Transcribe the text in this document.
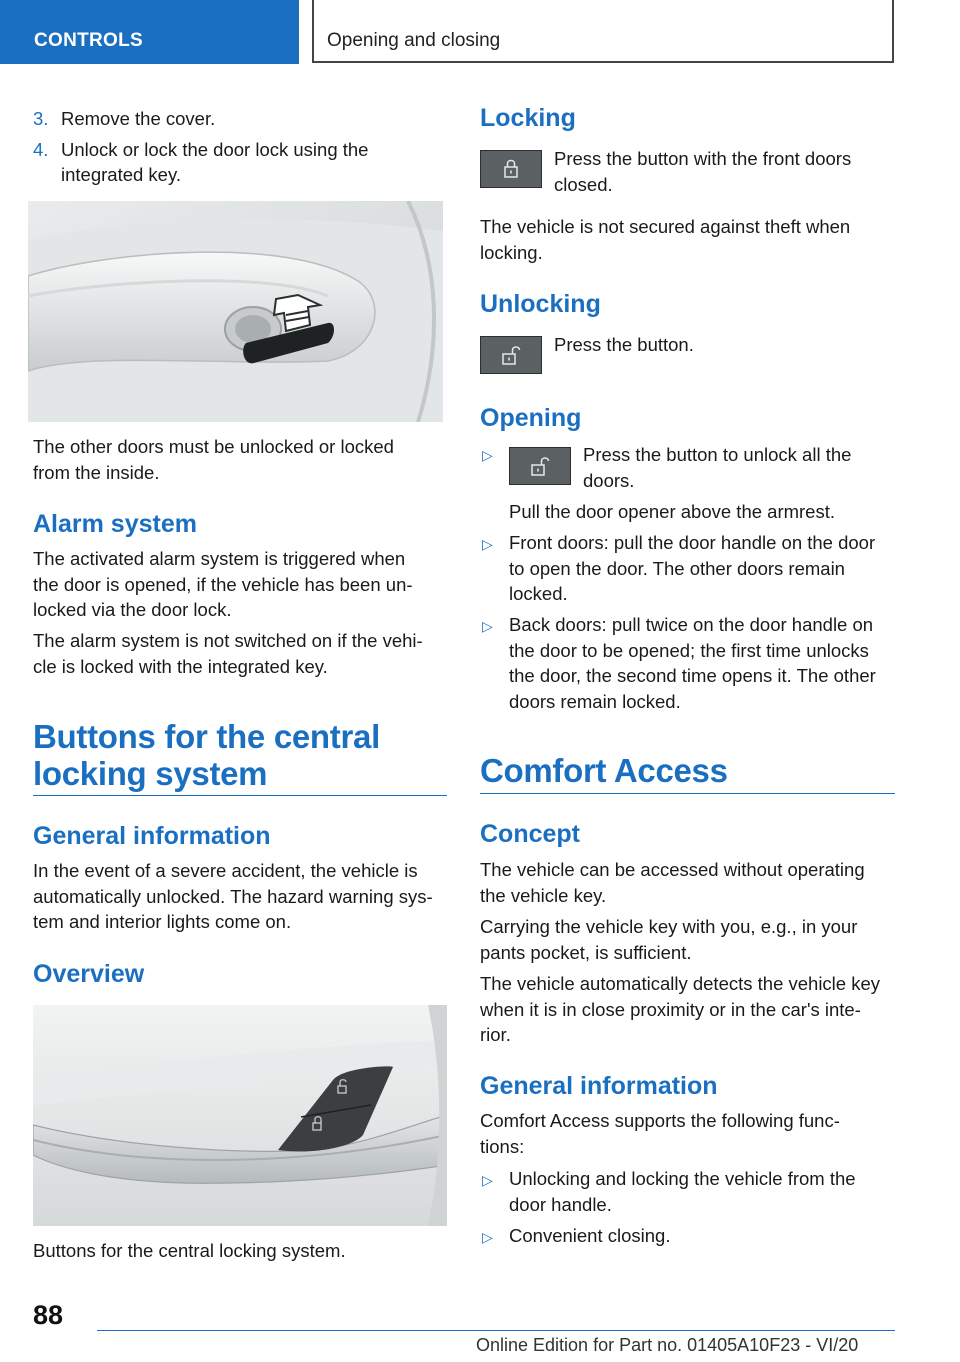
CONTROLS	Opening and closing
3. Remove the cover.
4. Unlock or lock the door lock using the
integrated key.

The other doors must be unlocked or locked
from the inside.

Alarm system

The activated alarm system is triggered when
the door is opened, if the vehicle has been un‐
locked via the door lock.

The alarm system is not switched on if the vehi‐
cle is locked with the integrated key.

Buttons for the central
locking system
General information

In the event of a severe accident, the vehicle is
automatically unlocked. The hazard warning sys‐
tem and interior lights come on.

Overview

Buttons for the central locking system.

Locking

Press the button with the front doors
closed.

The vehicle is not secured against theft when
locking.

Unlocking

Press the button.

Opening
▷	Press the button to unlock all the
doors.

Pull the door opener above the armrest.

▷ Front doors: pull the door handle on the door
to open the door. The other doors remain
locked.

▷ Back doors: pull twice on the door handle on
the door to be opened; the first time unlocks
the door, the second time opens it. The other
doors remain locked.

Comfort Access
Concept

The vehicle can be accessed without operating
the vehicle key.

Carrying the vehicle key with you, e.g., in your
pants pocket, is sufficient.

The vehicle automatically detects the vehicle key
when it is in close proximity or in the car's inte‐
rior.

General information

Comfort Access supports the following func‐
tions:

▷ Unlocking and locking the vehicle from the
door handle.

▷ Convenient closing.

88
Online Edition for Part no. 01405A10F23 - VI/20
